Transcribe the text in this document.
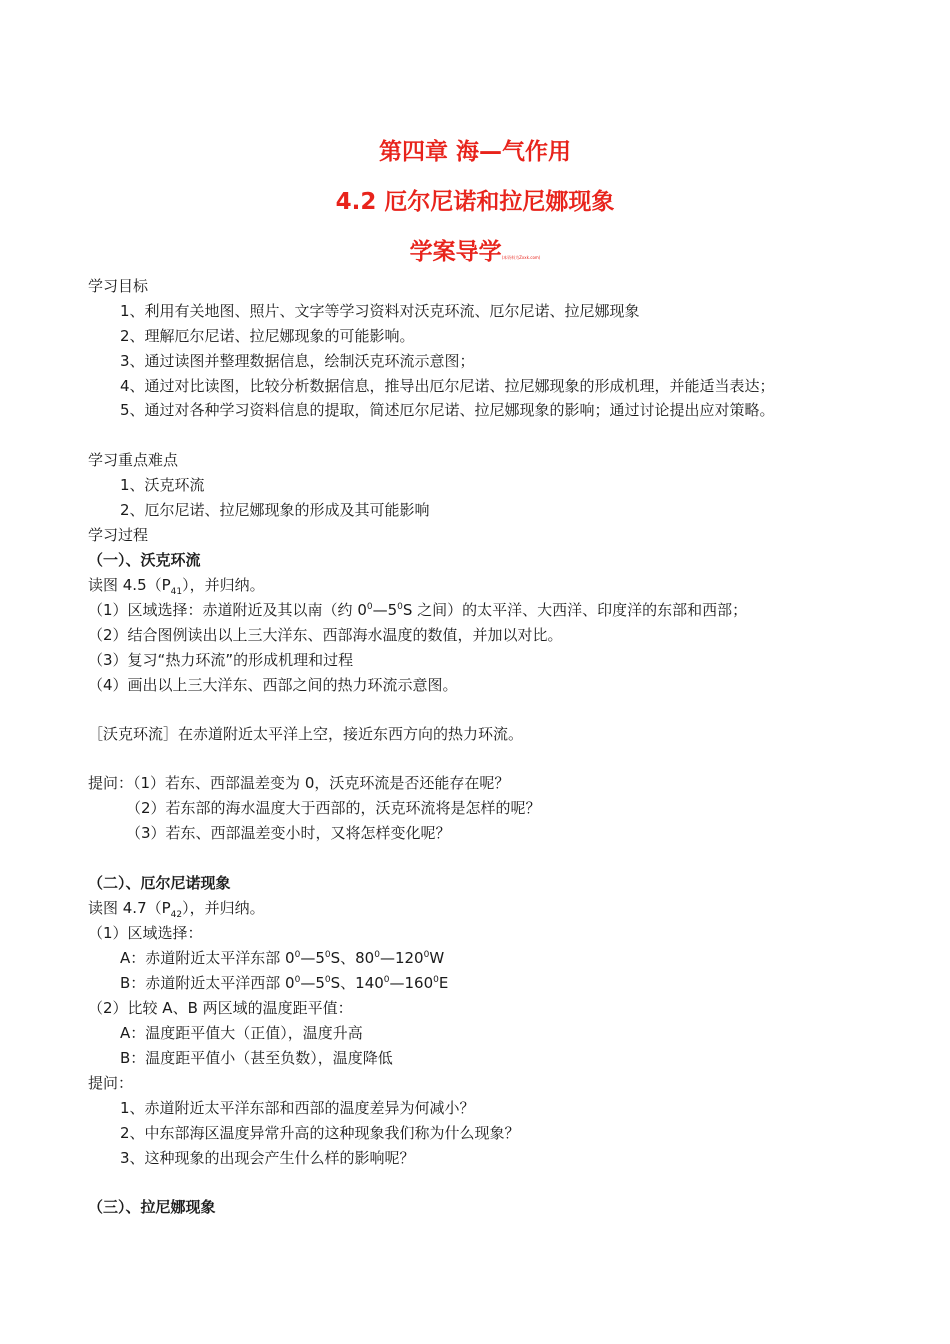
第四章 海—气作用
4.2 厄尔尼诺和拉尼娜现象
学案导学(本资料为Zxxk.com)
学习目标
1、利用有关地图、照片、文字等学习资料对沃克环流、厄尔尼诺、拉尼娜现象
2、理解厄尔尼诺、拉尼娜现象的可能影响。
3、通过读图并整理数据信息，绘制沃克环流示意图；
4、通过对比读图，比较分析数据信息，推导出厄尔尼诺、拉尼娜现象的形成机理，并能适当表达；
5、通过对各种学习资料信息的提取，简述厄尔尼诺、拉尼娜现象的影响；通过讨论提出应对策略。
学习重点难点
1、沃克环流
2、厄尔尼诺、拉尼娜现象的形成及其可能影响
学习过程
（一）、沃克环流
读图 $4.5(P_{41})$，并归纳。
（1）区域选择：赤道附近及其以南（约 $0^0—5^0S$ 之间）的太平洋、大西洋、印度洋的东部和西部；
（2）结合图例读出以上三大洋东、西部海水温度的数值，并加以对比。
（3）复习“热力环流”的形成机理和过程
（4）画出以上三大洋东、西部之间的热力环流示意图。
［沃克环流］在赤道附近太平洋上空，接近东西方向的热力环流。
提问：（1）若东、西部温差变为 0，沃克环流是否还能存在呢？
（2）若东部的海水温度大于西部的，沃克环流将是怎样的呢？
（3）若东、西部温差变小时，又将怎样变化呢？
（二）、厄尔尼诺现象
读图 $4.7(P_{42})$，并归纳。
（1）区域选择：
A：赤道附近太平洋东部 $0^0—5^0S$、$80^0—120^0W$
B：赤道附近太平洋西部 $0^0—5^0S$、$140^0—160^0E$
（2）比较 A、B 两区域的温度距平值：
A：温度距平值大（正值），温度升高
B：温度距平值小（甚至负数），温度降低
提问：
1、赤道附近太平洋东部和西部的温度差异为何减小？
2、中东部海区温度异常升高的这种现象我们称为什么现象？
3、这种现象的出现会产生什么样的影响呢？
（三）、拉尼娜现象
